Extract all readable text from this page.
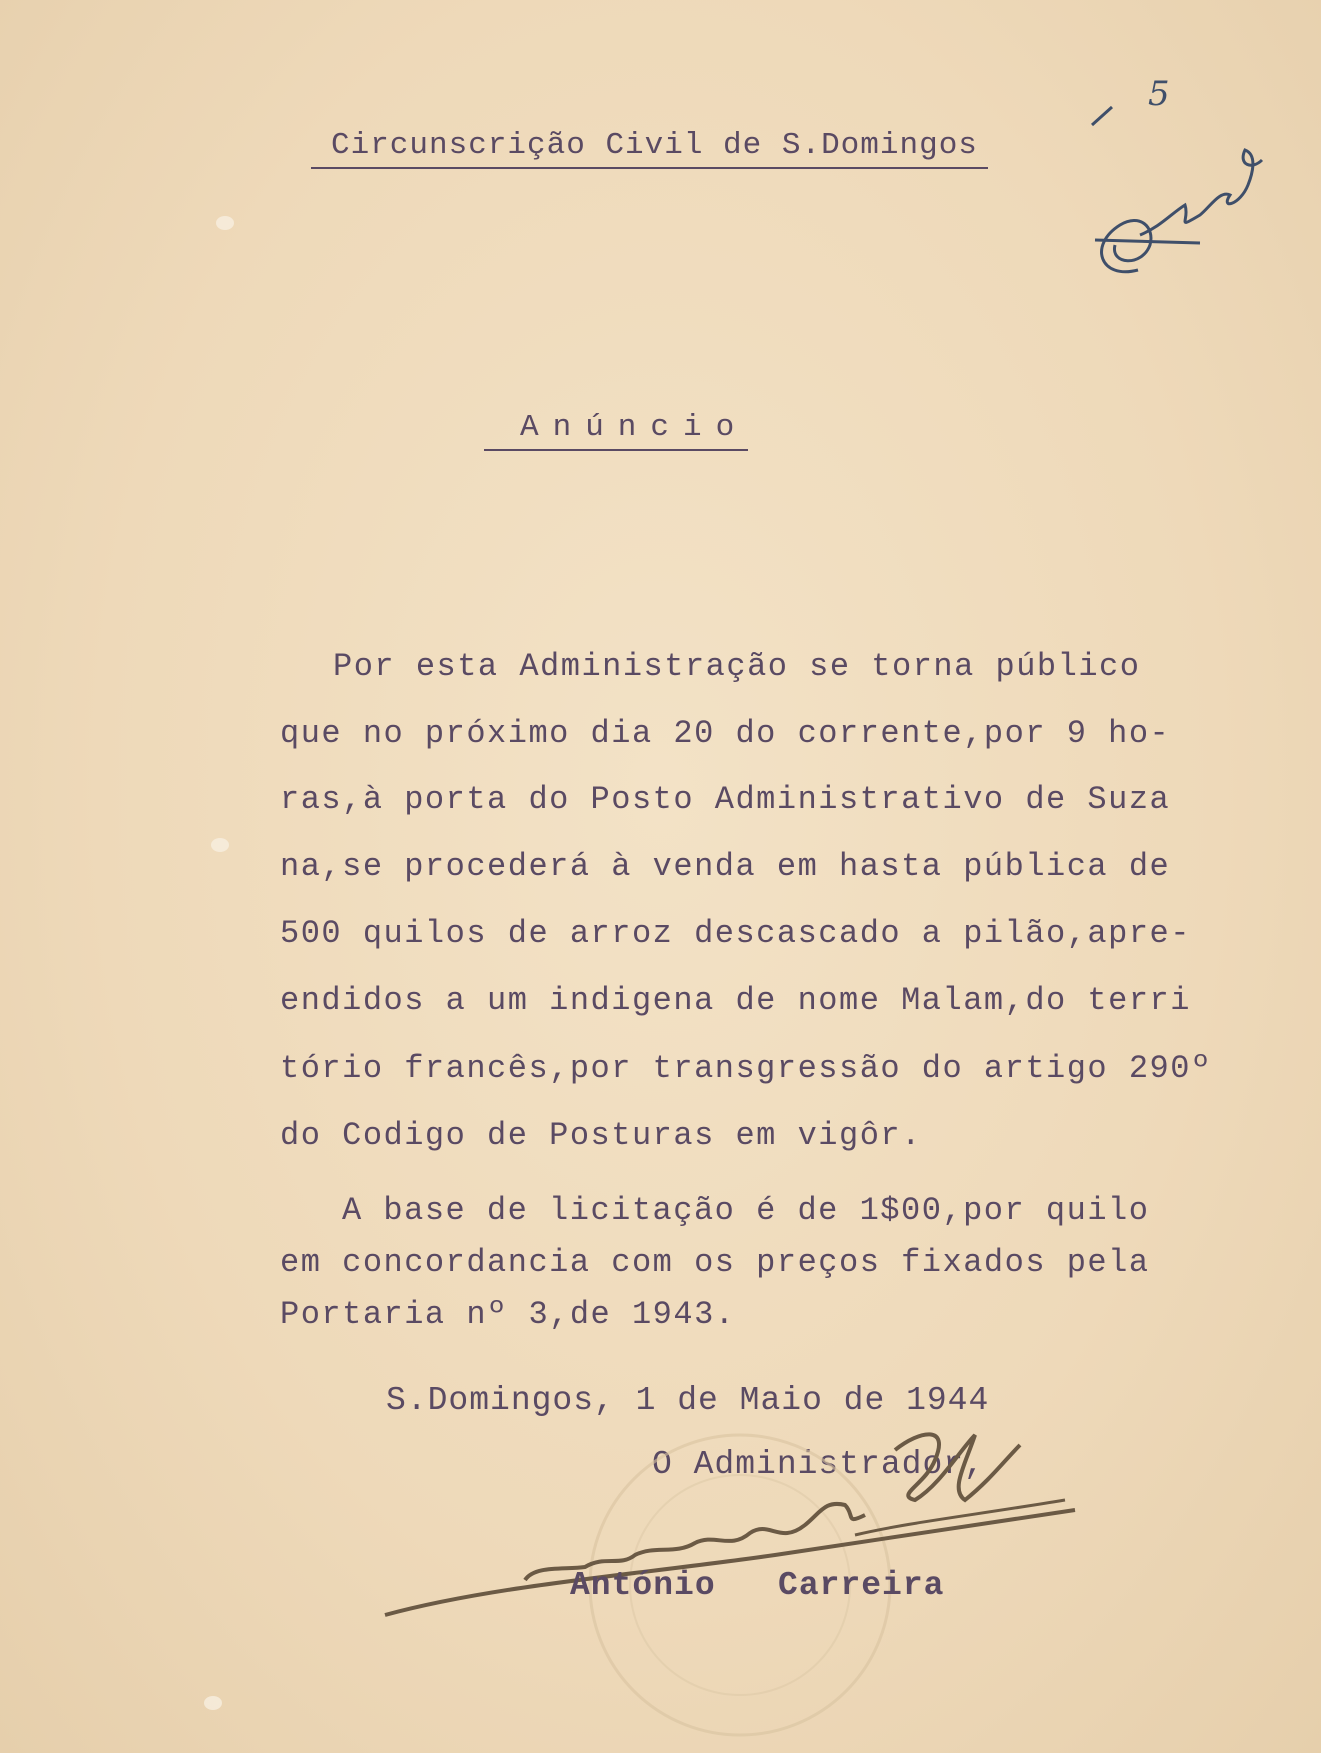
5
Circunscrição Civil de S.Domingos
Anúncio
Por esta Administração se torna público
que no próximo dia 20 do corrente,por 9 ho-
ras,à porta do Posto Administrativo de Suza
na,se procederá à venda em hasta pública de
500 quilos de arroz descascado a pilão,apre-
endidos a um indigena de nome Malam,do terri
tório francês,por transgressão do artigo 290º
do Codigo de Posturas em vigôr.
A base de licitação é de 1$00,por quilo
em concordancia com os preços fixados pela
Portaria nº 3,de 1943.
S.Domingos, 1 de Maio de 1944
O Administrador,
António   Carreira
